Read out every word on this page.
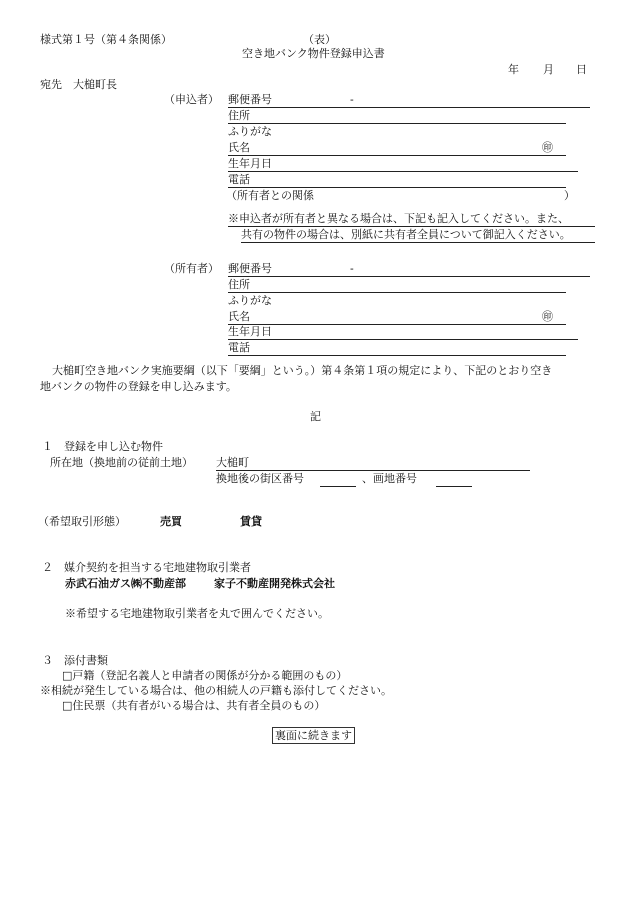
様式第１号（第４条関係）	（表）
空き地バンク物件登録申込書
年 月 日
宛先　大槌町長
（申込者） 郵便番号	-
住所
ふりがな
氏名	㊞
生年月日
電話
（所有者との関係	）
※申込者が所有者と異なる場合は、下記も記入してください。また、
共有の物件の場合は、別紙に共有者全員について御記入ください。
（所有者） 郵便番号	-
住所
ふりがな
氏名	㊞
生年月日
電話
大槌町空き地バンク実施要綱（以下「要綱」という。）第４条第１項の規定により、下記のとおり空き
地バンクの物件の登録を申し込みます。
記
１　登録を申し込む物件
所在地（換地前の従前土地） 大槌町
換地後の街区番号	、画地番号
（希望取引形態）	売買	賃貸
２　媒介契約を担当する宅地建物取引業者
赤武石油ガス㈱不動産部	家子不動産開発株式会社
※希望する宅地建物取引業者を丸で囲んでください。
３　添付書類
□戸籍（登記名義人と申請者の関係が分かる範囲のもの）
※相続が発生している場合は、他の相続人の戸籍も添付してください。
□住民票（共有者がいる場合は、共有者全員のもの）
裏面に続きます
